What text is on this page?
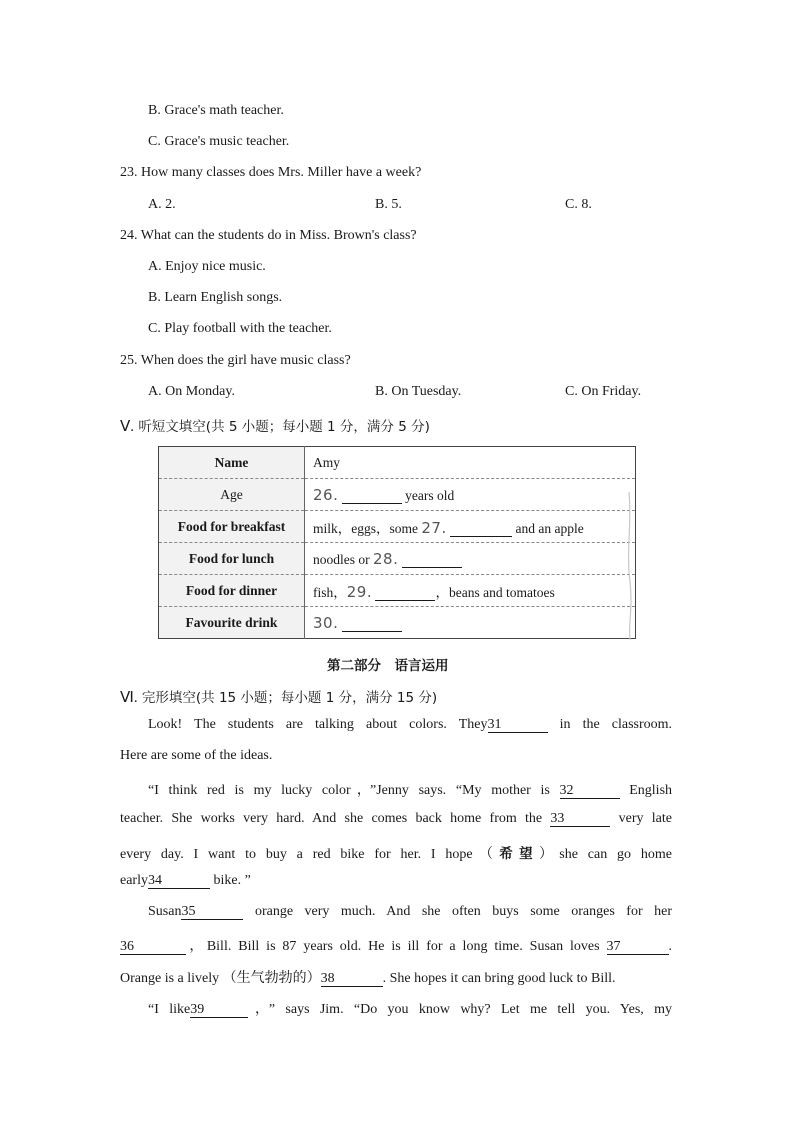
B. Grace's math teacher.
C. Grace's music teacher.
23. How many classes does Mrs. Miller have a week?
A. 2.	B. 5.	C. 8.
24. What can the students do in Miss. Brown's class?
A. Enjoy nice music.
B. Learn English songs.
C. Play football with the teacher.
25. When does the girl have music class?
A. On Monday.	B. On Tuesday.	C. On Friday.
Ⅴ. 听短文填空(共 5 小题；每小题 1 分，满分 5 分)
Name	Amy
Age	26. years old
Food for breakfast	milk，eggs，some 27. and an apple
Food for lunch	noodles or 28.
Food for dinner	fish，29. ，beans and tomatoes
Favourite drink	30.
第二部分　语言运用
Ⅵ. 完形填空(共 15 小题；每小题 1 分，满分 15 分)
Look! The students are talking about colors. They31	in the classroom.
Here are some of the ideas.
“I think red is my lucky color，”Jenny says. “My mother is 32	English
teacher. She works very hard. And she comes back home from the 33	very late
every day. I want to buy a red bike for her. I hope（希望）she can go home
early34	bike. ”
Susan35	orange very much. And she often buys some oranges for her
36	，Bill. Bill is 87 years old. He is ill for a long time. Susan loves 37	.
Orange is a lively （生气勃勃的）38	. She hopes it can bring good luck to Bill.
“I like39	，” says Jim. “Do you know why? Let me tell you. Yes, my
